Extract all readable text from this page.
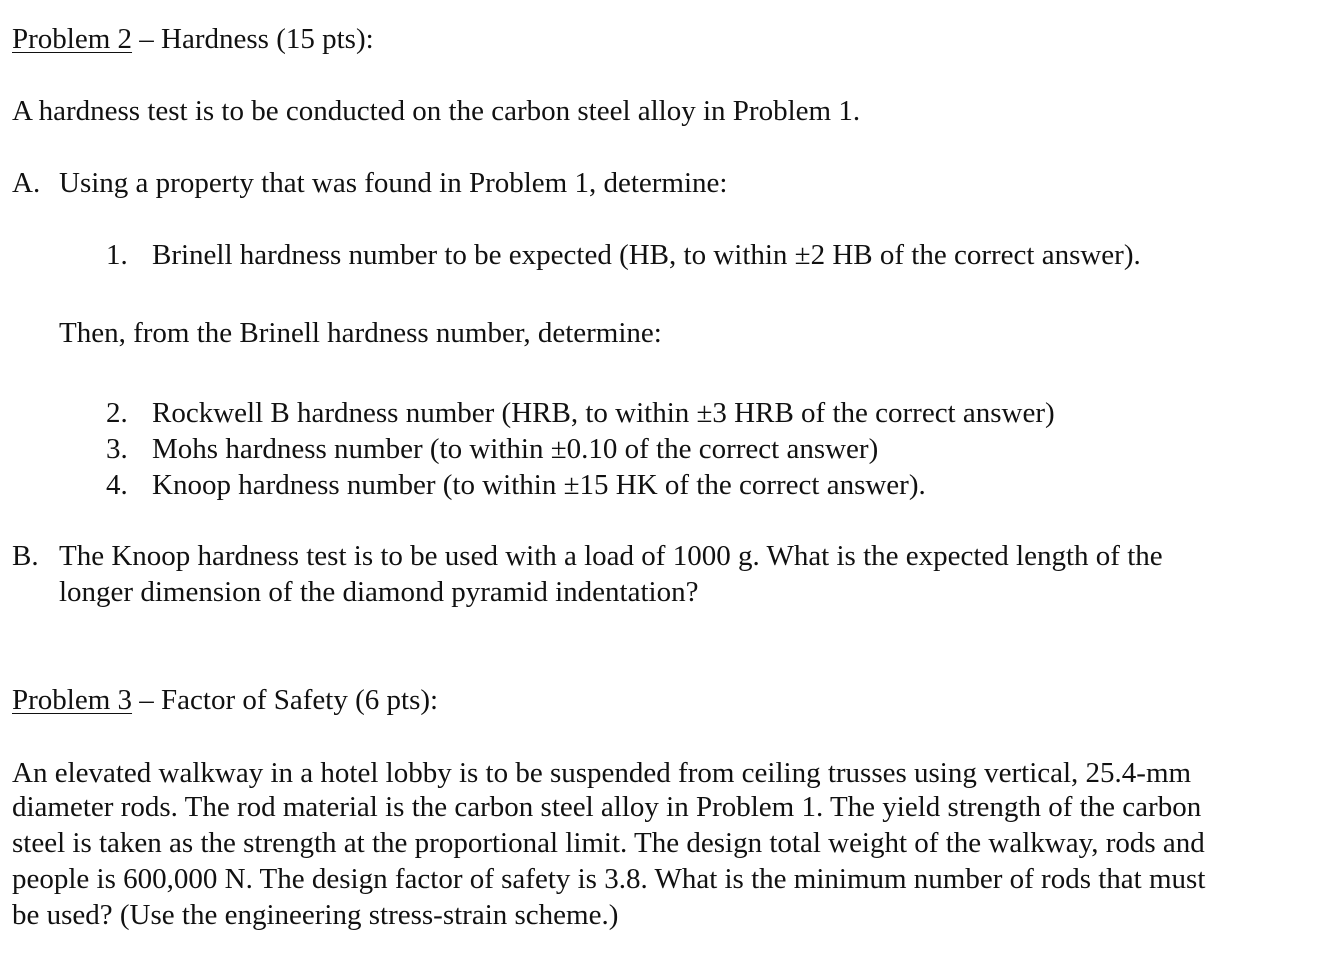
Problem 2 – Hardness (15 pts):
A hardness test is to be conducted on the carbon steel alloy in Problem 1.
A. Using a property that was found in Problem 1, determine:
1. Brinell hardness number to be expected (HB, to within ±2 HB of the correct answer).
Then, from the Brinell hardness number, determine:
2. Rockwell B hardness number (HRB, to within ±3 HRB of the correct answer)
3. Mohs hardness number (to within ±0.10 of the correct answer)
4. Knoop hardness number (to within ±15 HK of the correct answer).
B. The Knoop hardness test is to be used with a load of 1000 g. What is the expected length of the
longer dimension of the diamond pyramid indentation?
Problem 3 – Factor of Safety (6 pts):
An elevated walkway in a hotel lobby is to be suspended from ceiling trusses using vertical, 25.4-mm
diameter rods. The rod material is the carbon steel alloy in Problem 1. The yield strength of the carbon
steel is taken as the strength at the proportional limit. The design total weight of the walkway, rods and
people is 600,000 N. The design factor of safety is 3.8. What is the minimum number of rods that must
be used? (Use the engineering stress-strain scheme.)
